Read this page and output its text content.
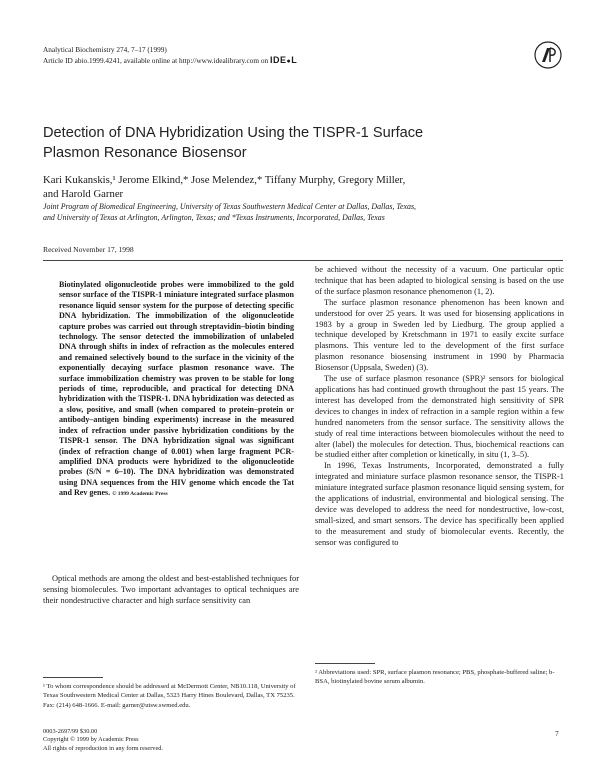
Analytical Biochemistry 274, 7–17 (1999)
Article ID abio.1999.4241, available online at http://www.idealibrary.com on IDE●L
Detection of DNA Hybridization Using the TISPR-1 Surface
Plasmon Resonance Biosensor
Kari Kukanskis,¹ Jerome Elkind,* Jose Melendez,* Tiffany Murphy, Gregory Miller,
and Harold Garner
Joint Program of Biomedical Engineering, University of Texas Southwestern Medical Center at Dallas, Dallas, Texas,
and University of Texas at Arlington, Arlington, Texas; and *Texas Instruments, Incorporated, Dallas, Texas
Received November 17, 1998
Biotinylated oligonucleotide probes were immobilized to the gold sensor surface of the TISPR-1 miniature integrated surface plasmon resonance liquid sensor system for the purpose of detecting specific DNA hybridization. The immobilization of the oligonucleotide capture probes was carried out through streptavidin–biotin binding technology. The sensor detected the immobilization of unlabeled DNA through shifts in index of refraction as the molecules entered and remained selectively bound to the surface in the vicinity of the exponentially decaying surface plasmon resonance wave. The surface immobilization chemistry was proven to be stable for long periods of time, reproducible, and practical for detecting DNA hybridization with the TISPR-1. DNA hybridization was detected as a slow, positive, and small (when compared to protein–protein or antibody–antigen binding experiments) increase in the measured index of refraction under passive hybridization conditions by the TISPR-1 sensor. The DNA hybridization signal was significant (index of refraction change of 0.001) when large fragment PCR-amplified DNA products were hybridized to the oligonucleotide probes (S/N = 6–10). The DNA hybridization was demonstrated using DNA sequences from the HIV genome which encode the Tat and Rev genes. © 1999 Academic Press
Optical methods are among the oldest and best-established techniques for sensing biomolecules. Two important advantages to optical techniques are their nondestructive character and high surface sensitivity can

be achieved without the necessity of a vacuum. One particular optic technique that has been adapted to biological sensing is based on the use of the surface plasmon resonance phenomenon (1, 2).

The surface plasmon resonance phenomenon has been known and understood for over 25 years. It was used for biosensing applications in 1983 by a group in Sweden led by Liedburg. The group applied a technique developed by Kretschmann in 1971 to easily excite surface plasmons. This venture led to the development of the first surface plasmon resonance biosensing instrument in 1990 by Pharmacia Biosensor (Uppsala, Sweden) (3).

The use of surface plasmon resonance (SPR)² sensors for biological applications has had continued growth throughout the past 15 years. The interest has developed from the demonstrated high sensitivity of SPR devices to changes in index of refraction in a sample region within a few hundred nanometers from the sensor surface. The sensitivity allows the study of real time interactions between biomolecules without the need to alter (label) the molecules for detection. Thus, biochemical reactions can be studied either after completion or kinetically, in situ (1, 3–5).

In 1996, Texas Instruments, Incorporated, demonstrated a fully integrated and miniature surface plasmon resonance sensor, the TISPR-1 miniature integrated surface plasmon resonance liquid sensing system, for the applications of industrial, environmental and biological sensing. The device was developed to address the need for nondestructive, low-cost, small-sized, and smart sensors. The device has specifically been applied to the measurement and study of biomolecular events. Recently, the sensor was configured to

¹ To whom correspondence should be addressed at McDermott Center, NB10.118, University of Texas Southwestern Medical Center at Dallas, 5323 Harry Hines Boulevard, Dallas, TX 75235. Fax: (214) 648-1666. E-mail: garner@utsw.swmed.edu.
² Abbreviations used: SPR, surface plasmon resonance; PBS, phosphate-buffered saline; b-BSA, biotinylated bovine serum albumin.
0003-2697/99 $30.00
Copyright © 1999 by Academic Press
All rights of reproduction in any form reserved.
7
